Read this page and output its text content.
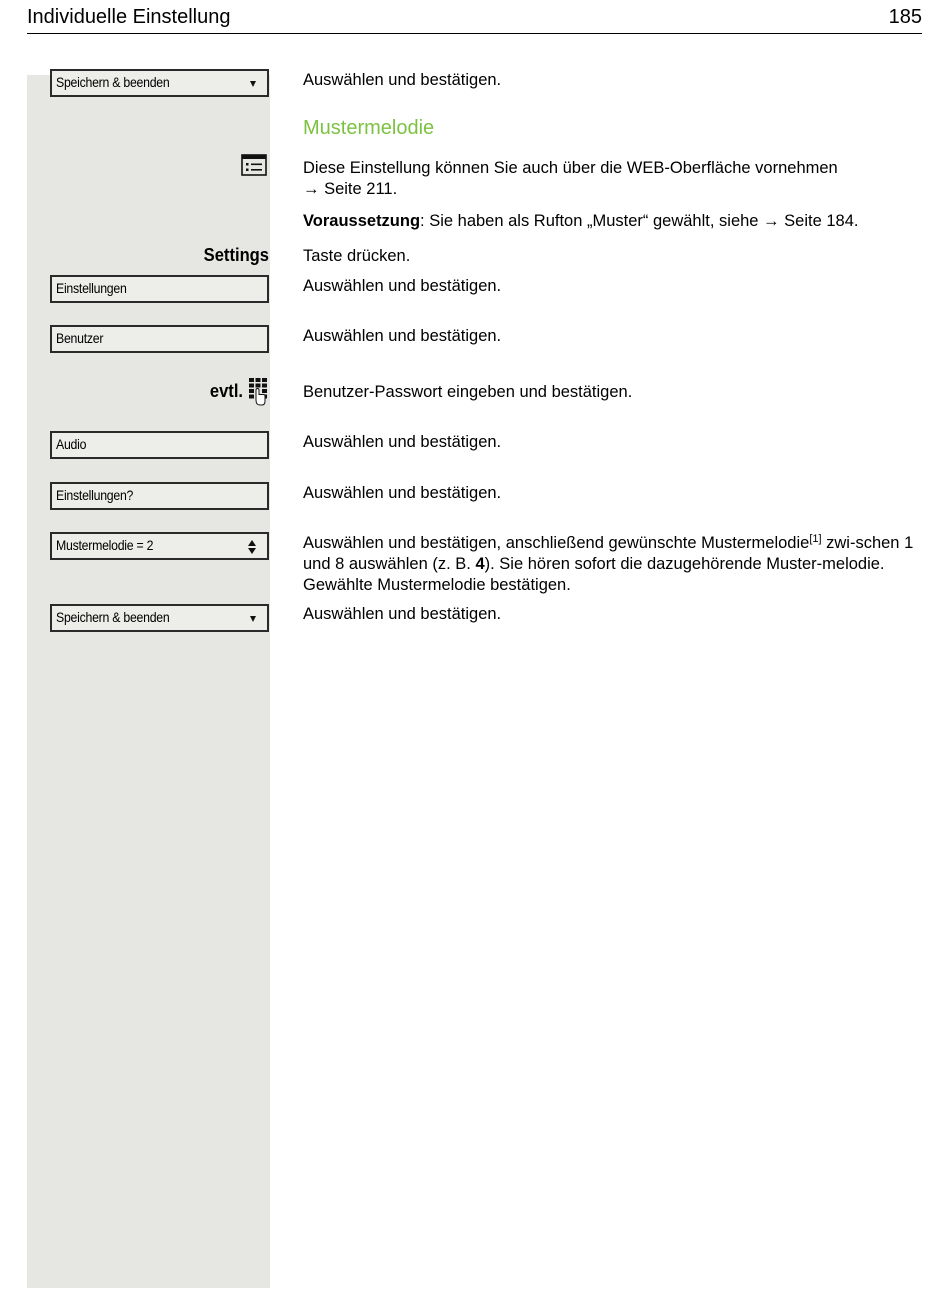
Individuelle Einstellung	185
Speichern & beenden
Einstellungen
Benutzer
Audio
Einstellungen?
Mustermelodie = 2
Speichern & beenden
Settings
evtl.
Auswählen und bestätigen.
Mustermelodie
Diese Einstellung können Sie auch über die WEB-Oberfläche vornehmen
→ Seite 211.
Voraussetzung: Sie haben als Rufton „Muster“ gewählt, siehe → Seite 184.
Taste drücken.
Auswählen und bestätigen.
Auswählen und bestätigen.
Benutzer-Passwort eingeben und bestätigen.
Auswählen und bestätigen.
Auswählen und bestätigen.
Auswählen und bestätigen, anschließend gewünschte Mustermelodie[1] zwi-schen 1 und 8 auswählen (z. B. 4). Sie hören sofort die dazugehörende Muster-melodie. Gewählte Mustermelodie bestätigen.
Auswählen und bestätigen.
